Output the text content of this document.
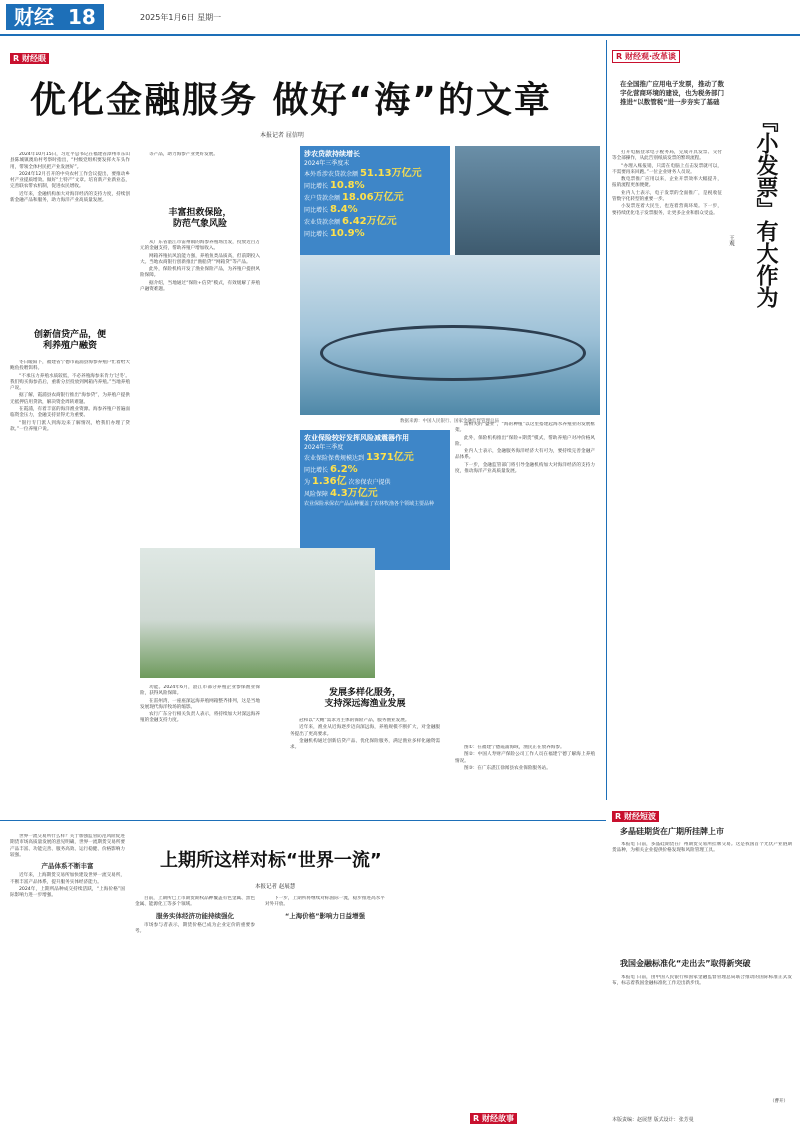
财经 18	2025年1月6日 星期一
R 财经眼
优化金融服务 做好“海”的文章
本报记者 屈信明

2024年10月15日，习近平总书记在福建省漳州市东山县陈城镇澳角村考察时指出，“村级党组织要发挥火车头作用，带领全体村民把产业发展好”。

2024年12月召开的中央农村工作会议提出，要推动乡村产业提质增效。做好“土特产”文章。培育新产业新业态，完善联农带农机制，促进农民增收。

近年来，金融机构加大对海洋经济的支持力度，持续创新金融产品和服务，助力海洋产业高质量发展。

创新信贷产品，便
利养殖户融资

冬日暖阳下，福建省宁德市霞浦县海参养殖户忙着给大鲍鱼投喂饵料。

“不承压力养殖水质较低，不必养殖海参来肯力‘过冬’。我们购买海参苗后，重新分层投放到网箱内养殖。”当地养殖户说。

据了解，霞浦县农商银行推出“海参贷”，为养殖户提供无抵押信用贷款，解决资金周转难题。

在霞浦，有着丰富的海洋渔业资源。海参养殖户普遍面临资金压力，金融支持显得尤为重要。

“银行专门派人到海边来了解情况，给我们办理了贷款。”一位养殖户说。

等产品，助力海参产业更好发展。

丰富担救保险，
防范气象风险

从广东省湛江市雷州镇的海参养殖场出发，投放近百万元的金融支持，帮助养殖户增加收入。

网箱养殖抗风浪能力强，养殖鱼类品质高，但前期投入大。当地农商银行创新推出“渔船贷”“网箱贷”等产品。

此外，保险机构开发了渔业保险产品，为养殖户提供风险保障。

据介绍，当地通过“保险+信贷”模式，有效缓解了养殖户融资难题。

涉农贷款持续增长
2024年三季度末
本外币涉农贷款余额 51.13万亿元
同比增长 10.8%
农户贷款余额 18.06万亿元
同比增长 8.4%
农业贷款余额 6.42万亿元
同比增长 10.9%
数据来源：中国人民银行、国家金融监督管理总局
农业保险较好发挥风险减震器作用
2024年三季度
农业保险保费规模达到 1371亿元
同比增长 6.2%
为 1.36亿 次参保农户提供
风险保障 4.3万亿元
农业保险承保农产品品种覆盖了农林牧渔各个领域主要品种

功能。2024年6月，湛江市部分养殖企业参保渔业保险，获得风险保障。

在雷州湾，一座座深远海养殖网箱整齐排列，这是当地发展现代海洋牧场的缩影。

农行广东分行相关负责人表示，将持续加大对深远海养殖的金融支持力度。

发展多样化服务，
支持深远海渔业发展

冠和以“大鲍”需求为主体的保险产品，服务渔业发展。

近年来，渔业从近海逐步迈向深远海，养殖规模不断扩大，对金融服务提出了更高要求。

金融机构通过创新信贷产品、优化保险服务，满足渔业多样化融资需求。

需相关的“盛业”，“海的种植”以这里搭建起海水养殖业的发展框架。

此外，保险机构推出“保险+期货”模式，帮助养殖户对冲价格风险。

业内人士表示，金融服务海洋经济大有可为，要持续完善金融产品体系。

下一步，金融监管部门将引导金融机构加大对海洋经济的支持力度，推动海洋产业高质量发展。

图①：在福建宁德霞浦海域，渔民正在放养海参。

图②：中国人寿财产保险公司工作人员在福建宁德了解海上养殖情况。

图③：在广东湛江徐闻县农业保险服务站。

R 财经观·改革谈
『小发票』有大作为
王观
在全国推广应用电子发票，推动了数字化营商环境的建设，也为税务部门推进“以数管税”进一步夯实了基础

打开电脑登录电子税务局，完成开具发票、交付等全部操作，从此告别纸质发票的繁琐流程。

“办理入账报销，只需在电脑上点击发票就可以，不需要再来回跑。”一位企业财务人员说。

数电票推广应用以来，企业开票效率大幅提升，报销流程更加便捷。

业内人士表示，电子发票的全面推广，是税收征管数字化转型的重要一步。

小发票连着大民生，也连着营商环境。下一步，要持续优化电子发票服务，让更多企业和群众受益。

R 财经短波
多晶硅期货在广期所挂牌上市
本报电 日前，多晶硅期货在广州期货交易所挂牌交易。这是我国首个光伏产业链期货品种，为相关企业提供价格发现和风险管理工具。
我国金融标准化“走出去”取得新突破
本报电 日前，由中国人民银行和国家金融监督管理总局联合推动的国际标准正式发布，标志着我国金融标准化工作迈出新步伐。
（曹开）

世界一流交易所什么样？关于加强监管防范风险促进期货市场高质量发展的意见明确，世界一流期货交易所要产品丰富、功能完善、服务高效、运行稳健、价格影响力较强。

产品体系不断丰富

近年来，上海期货交易所加快建设世界一流交易所，不断丰富产品体系，提升服务实体经济能力。

2024年，上期所品种成交持续活跃，“上海价格”国际影响力进一步增强。

上期所这样对标“世界一流”
本报记者 赵展慧

目前，上期所已上市期货期权品种覆盖有色金属、黑色金属、能源化工等多个领域。

服务实体经济功能持续强化

市场参与者表示，期货价格已成为企业定价的重要参考。

下一步，上期所将继续对标国际一流，稳步推进高水平对外开放。

“上海价格”影响力日益增强

R 财经故事	本版责编：赵展慧 版式设计：张芳曼
